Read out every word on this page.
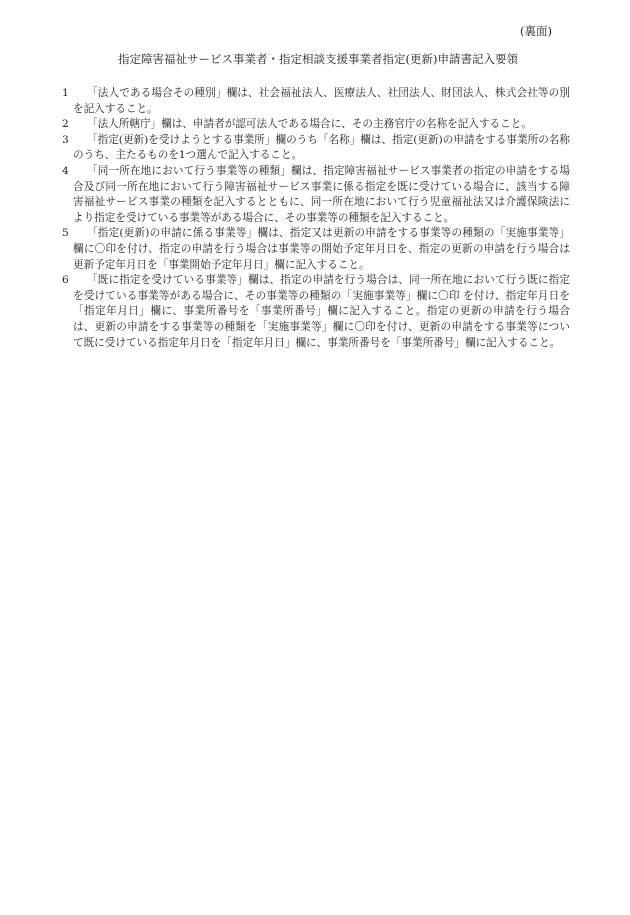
(裏面)
指定障害福祉サービス事業者・指定相談支援事業者指定(更新)申請書記入要領
1	「法人である場合その種別」欄は、社会福祉法人、医療法人、社団法人、財団法人、株式会社等の別を記入すること。
2	「法人所轄庁」欄は、申請者が認可法人である場合に、その主務官庁の名称を記入すること。
3	「指定(更新)を受けようとする事業所」欄のうち「名称」欄は、指定(更新)の申請をする事業所の名称のうち、主たるものを1つ選んで記入すること。
4	「同一所在地において行う事業等の種類」欄は、指定障害福祉サービス事業者の指定の申請をする場合及び同一所在地において行う障害福祉サービス事業に係る指定を既に受けている場合に、該当する障害福祉サービス事業の種類を記入するとともに、同一所在地において行う児童福祉法又は介護保険法により指定を受けている事業等がある場合に、その事業等の種類を記入すること。
5	「指定(更新)の申請に係る事業等」欄は、指定又は更新の申請をする事業等の種類の「実施事業等」欄に〇印を付け、指定の申請を行う場合は事業等の開始予定年月日を、指定の更新の申請を行う場合は更新予定年月日を「事業開始予定年月日」欄に記入すること。
6	「既に指定を受けている事業等」欄は、指定の申請を行う場合は、同一所在地において行う既に指定を受けている事業等がある場合に、その事業等の種類の「実施事業等」欄に〇印 を付け、指定年月日を「指定年月日」欄に、事業所番号を「事業所番号」欄に記入すること。指定の更新の申請を行う場合は、更新の申請をする事業等の種類を「実施事業等」欄に〇印を付け、更新の申請をする事業等について既に受けている指定年月日を「指定年月日」欄に、事業所番号を「事業所番号」欄に記入すること。
